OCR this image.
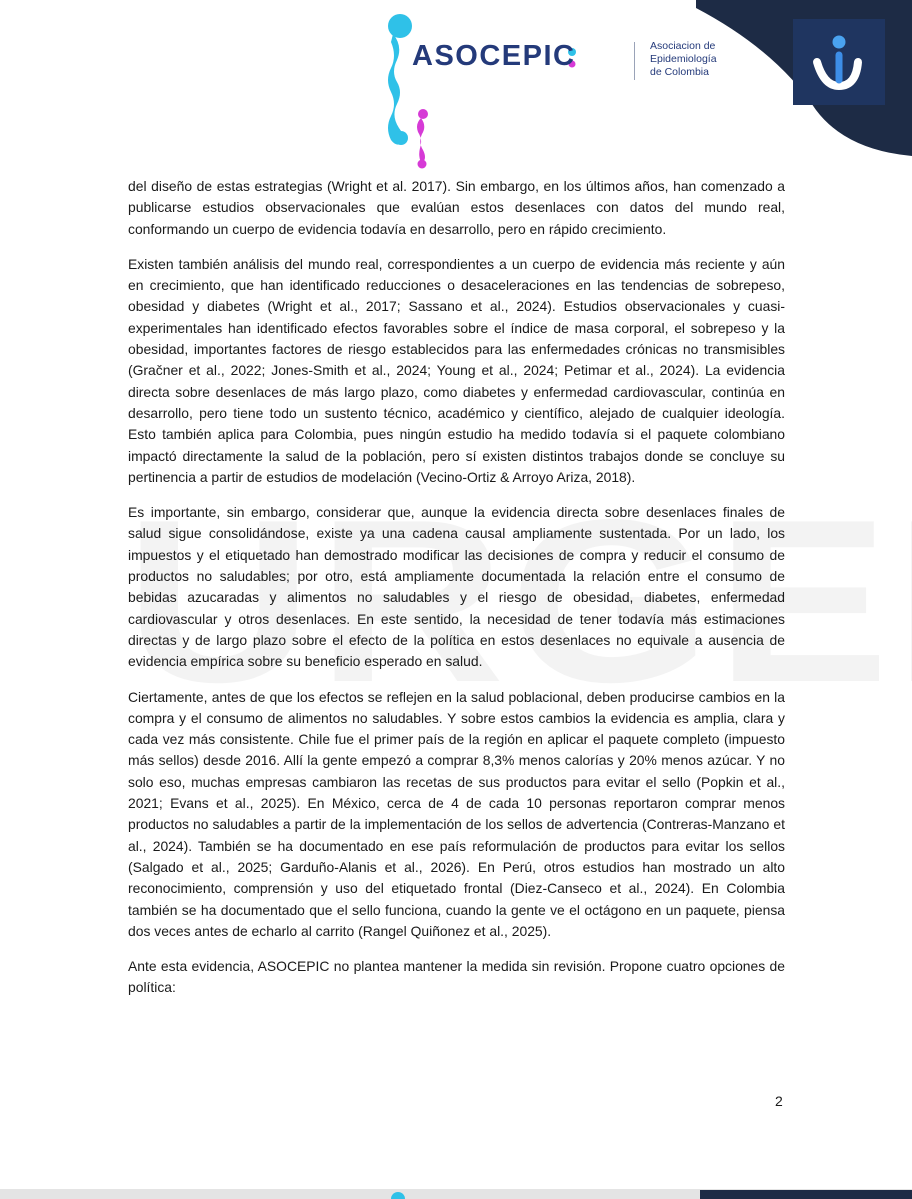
ASOCEPIC	Asociacion de
Epidemiología
de Colombia

del diseño de estas estrategias (Wright et al. 2017). Sin embargo, en los últimos años, han comenzado a publicarse estudios observacionales que evalúan estos desenlaces con datos del mundo real, conformando un cuerpo de evidencia todavía en desarrollo, pero en rápido crecimiento.

Existen también análisis del mundo real, correspondientes a un cuerpo de evidencia más reciente y aún en crecimiento, que han identificado reducciones o desaceleraciones en las tendencias de sobrepeso, obesidad y diabetes (Wright et al., 2017; Sassano et al., 2024). Estudios observacionales y cuasi-experimentales han identificado efectos favorables sobre el índice de masa corporal, el sobrepeso y la obesidad, importantes factores de riesgo establecidos para las enfermedades crónicas no transmisibles (Gračner et al., 2022; Jones-Smith et al., 2024; Young et al., 2024; Petimar et al., 2024). La evidencia directa sobre desenlaces de más largo plazo, como diabetes y enfermedad cardiovascular, continúa en desarrollo, pero tiene todo un sustento técnico, académico y científico, alejado de cualquier ideología. Esto también aplica para Colombia, pues ningún estudio ha medido todavía si el paquete colombiano impactó directamente la salud de la población, pero sí existen distintos trabajos donde se concluye su pertinencia a partir de estudios de modelación (Vecino-Ortiz & Arroyo Ariza, 2018).

Es importante, sin embargo, considerar que, aunque la evidencia directa sobre desenlaces finales de salud sigue consolidándose, existe ya una cadena causal ampliamente sustentada. Por un lado, los impuestos y el etiquetado han demostrado modificar las decisiones de compra y reducir el consumo de productos no saludables; por otro, está ampliamente documentada la relación entre el consumo de bebidas azucaradas y alimentos no saludables y el riesgo de obesidad, diabetes, enfermedad cardiovascular y otros desenlaces. En este sentido, la necesidad de tener todavía más estimaciones directas y de largo plazo sobre el efecto de la política en estos desenlaces no equivale a ausencia de evidencia empírica sobre su beneficio esperado en salud.

Ciertamente, antes de que los efectos se reflejen en la salud poblacional, deben producirse cambios en la compra y el consumo de alimentos no saludables. Y sobre estos cambios la evidencia es amplia, clara y cada vez más consistente. Chile fue el primer país de la región en aplicar el paquete completo (impuesto más sellos) desde 2016. Allí la gente empezó a comprar 8,3% menos calorías y 20% menos azúcar. Y no solo eso, muchas empresas cambiaron las recetas de sus productos para evitar el sello (Popkin et al., 2021; Evans et al., 2025). En México, cerca de 4 de cada 10 personas reportaron comprar menos productos no saludables a partir de la implementación de los sellos de advertencia (Contreras-Manzano et al., 2024). También se ha documentado en ese país reformulación de productos para evitar los sellos (Salgado et al., 2025; Garduño-Alanis et al., 2026). En Perú, otros estudios han mostrado un alto reconocimiento, comprensión y uso del etiquetado frontal (Diez-Canseco et al., 2024). En Colombia también se ha documentado que el sello funciona, cuando la gente ve el octágono en un paquete, piensa dos veces antes de echarlo al carrito (Rangel Quiñonez et al., 2025).

Ante esta evidencia, ASOCEPIC no plantea mantener la medida sin revisión. Propone cuatro opciones de política:

2
